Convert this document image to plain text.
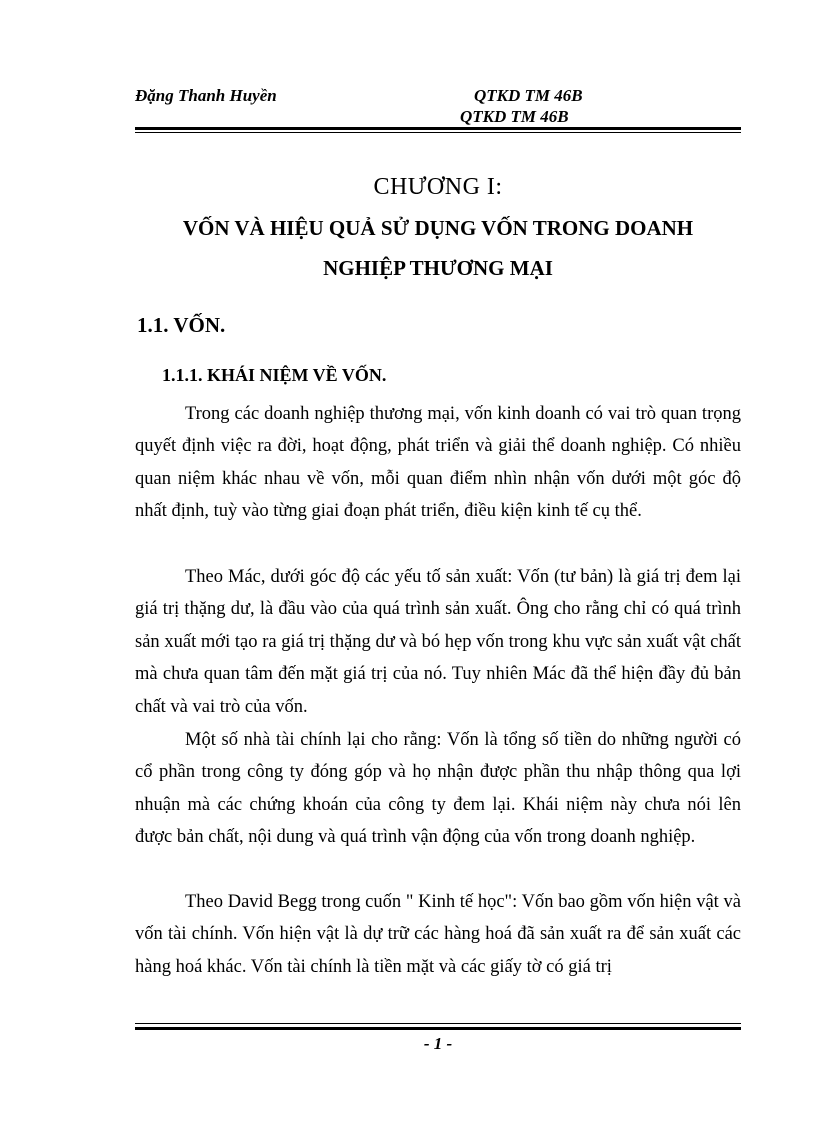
Đặng Thanh Huyền	QTKD TM 46B
QTKD TM 46B
CHƯƠNG I:
VỐN VÀ HIỆU QUẢ SỬ DỤNG VỐN TRONG DOANH
NGHIỆP THƯƠNG MẠI
1.1. VỐN.
1.1.1. KHÁI NIỆM VỀ VỐN.

Trong các doanh nghiệp thương mại, vốn kinh doanh có vai trò quan trọng quyết định việc ra đời, hoạt động, phát triển và giải thể doanh nghiệp. Có nhiều quan niệm khác nhau về vốn, mỗi quan điểm nhìn nhận vốn dưới một góc độ nhất định, tuỳ vào từng giai đoạn phát triển, điều kiện kinh tế cụ thể.

Theo Mác, dưới góc độ các yếu tố sản xuất: Vốn (tư bản) là giá trị đem lại giá trị thặng dư, là đầu vào của quá trình sản xuất. Ông cho rằng chỉ có quá trình sản xuất mới tạo ra giá trị thặng dư và bó hẹp vốn trong khu vực sản xuất vật chất mà chưa quan tâm đến mặt giá trị của nó. Tuy nhiên Mác đã thể hiện đầy đủ bản chất và vai trò của vốn.

Một số nhà tài chính lại cho rằng: Vốn là tổng số tiền do những người có cổ phần trong công ty đóng góp và họ nhận được phần thu nhập thông qua lợi nhuận mà các chứng khoán của công ty đem lại. Khái niệm này chưa nói lên được bản chất, nội dung và quá trình vận động của vốn trong doanh nghiệp.

Theo David Begg trong cuốn " Kinh tế học": Vốn bao gồm vốn hiện vật và vốn tài chính. Vốn hiện vật là dự trữ các hàng hoá đã sản xuất ra để sản xuất các hàng hoá khác. Vốn tài chính là tiền mặt và các giấy tờ có giá trị

- 1 -
